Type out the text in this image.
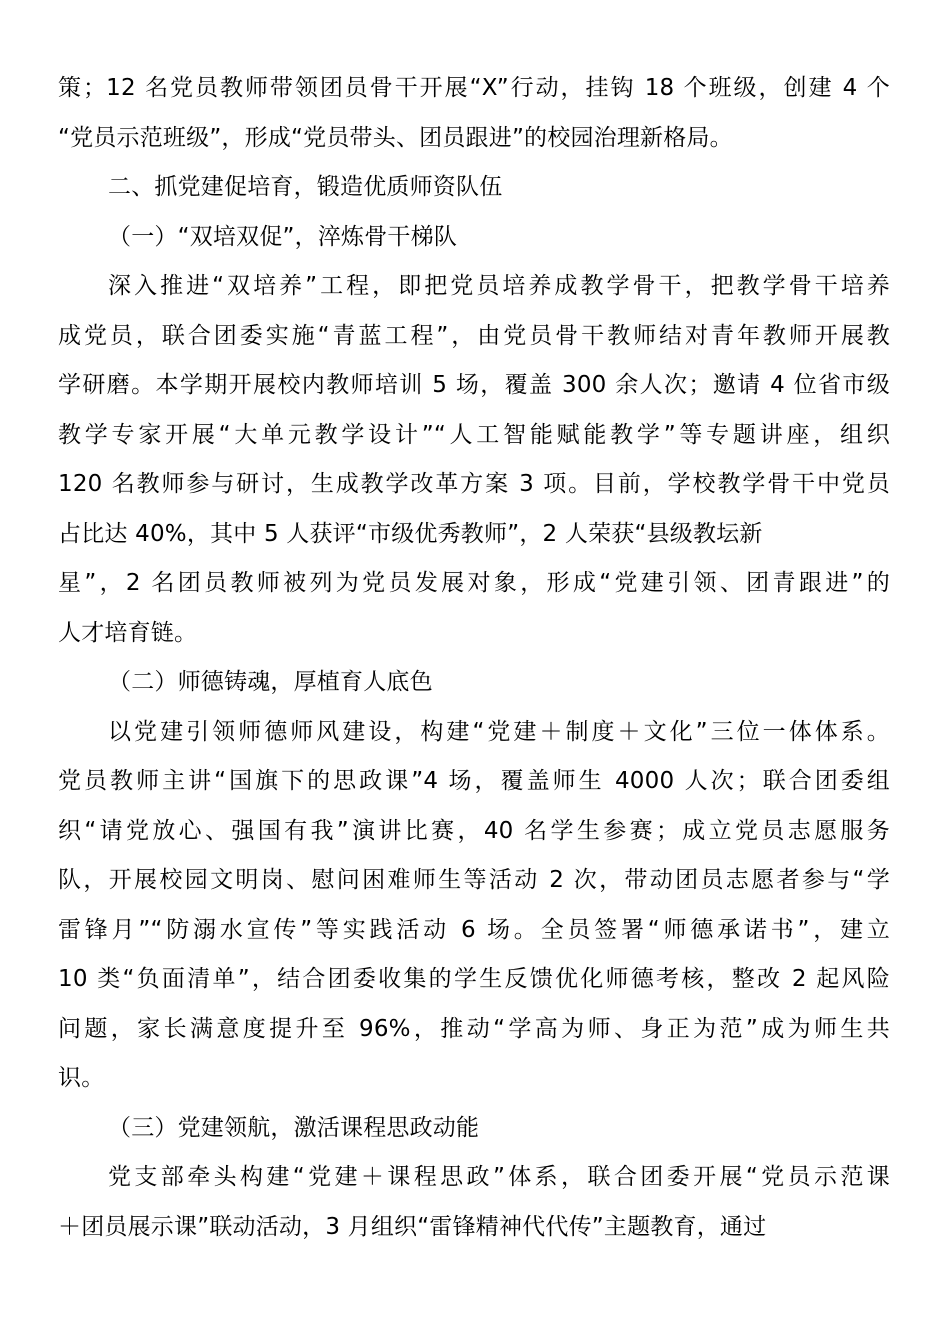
策；12 名党员教师带领团员骨干开展“X”行动，挂钩 18 个班级，创建 4 个
“党员示范班级”，形成“党员带头、团员跟进”的校园治理新格局。
二、抓党建促培育，锻造优质师资队伍
（一）“双培双促”，淬炼骨干梯队
深入推进“双培养”工程，即把党员培养成教学骨干，把教学骨干培养
成党员，联合团委实施“青蓝工程”，由党员骨干教师结对青年教师开展教
学研磨。本学期开展校内教师培训 5 场，覆盖 300 余人次；邀请 4 位省市级
教学专家开展“大单元教学设计”“人工智能赋能教学”等专题讲座，组织
120 名教师参与研讨，生成教学改革方案 3 项。目前，学校教学骨干中党员
占比达 40%，其中 5 人获评“市级优秀教师”，2 人荣获“县级教坛新
星”，2 名团员教师被列为党员发展对象，形成“党建引领、团青跟进”的
人才培育链。
（二）师德铸魂，厚植育人底色
以党建引领师德师风建设，构建“党建＋制度＋文化”三位一体体系。
党员教师主讲“国旗下的思政课”4 场，覆盖师生 4000 人次；联合团委组
织“请党放心、强国有我”演讲比赛，40 名学生参赛；成立党员志愿服务
队，开展校园文明岗、慰问困难师生等活动 2 次，带动团员志愿者参与“学
雷锋月”“防溺水宣传”等实践活动 6 场。全员签署“师德承诺书”，建立
10 类“负面清单”，结合团委收集的学生反馈优化师德考核，整改 2 起风险
问题，家长满意度提升至 96%，推动“学高为师、身正为范”成为师生共
识。
（三）党建领航，激活课程思政动能
党支部牵头构建“党建＋课程思政”体系，联合团委开展“党员示范课
＋团员展示课”联动活动，3 月组织“雷锋精神代代传”主题教育，通过
